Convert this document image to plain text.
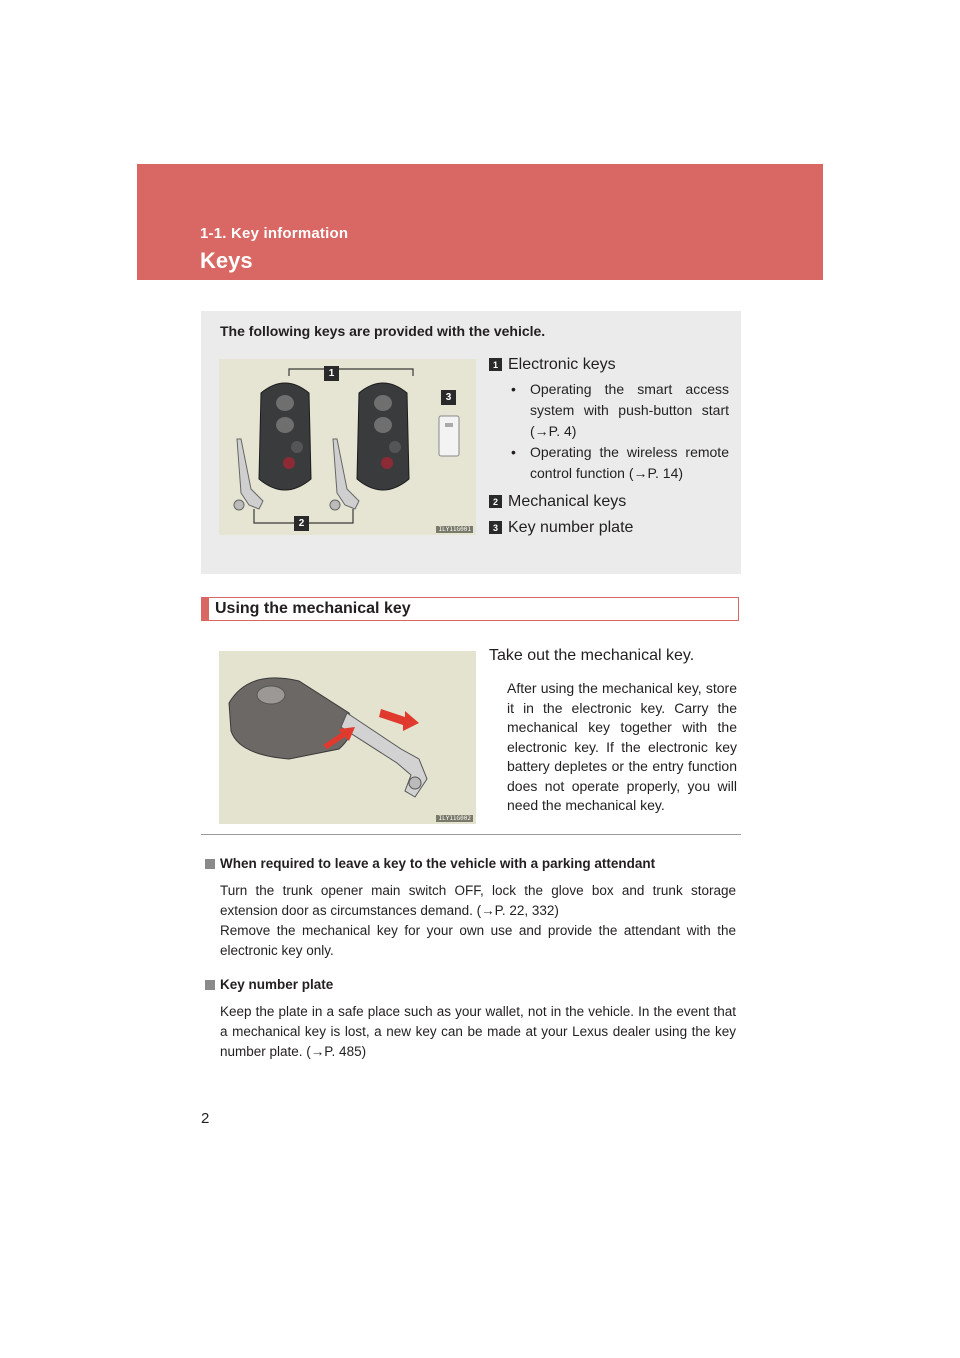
1-1. Key information
Keys
The following keys are provided with the vehicle.
1
2
3
ILY11G001
1 Electronic keys
• Operating the smart access system with push-button start (→P. 4)
• Operating the wireless remote control function (→P. 14)
2 Mechanical keys
3 Key number plate
Using the mechanical key
ILY11G002
Take out the mechanical key.
After using the mechanical key, store it in the electronic key. Carry the mechanical key together with the electronic key. If the electronic key battery depletes or the entry function does not operate properly, you will need the mechanical key.
When required to leave a key to the vehicle with a parking attendant

Turn the trunk opener main switch OFF, lock the glove box and trunk storage extension door as circumstances demand. (→P. 22, 332)

Remove the mechanical key for your own use and provide the attendant with the electronic key only.

Key number plate

Keep the plate in a safe place such as your wallet, not in the vehicle. In the event that a mechanical key is lost, a new key can be made at your Lexus dealer using the key number plate. (→P. 485)

2
